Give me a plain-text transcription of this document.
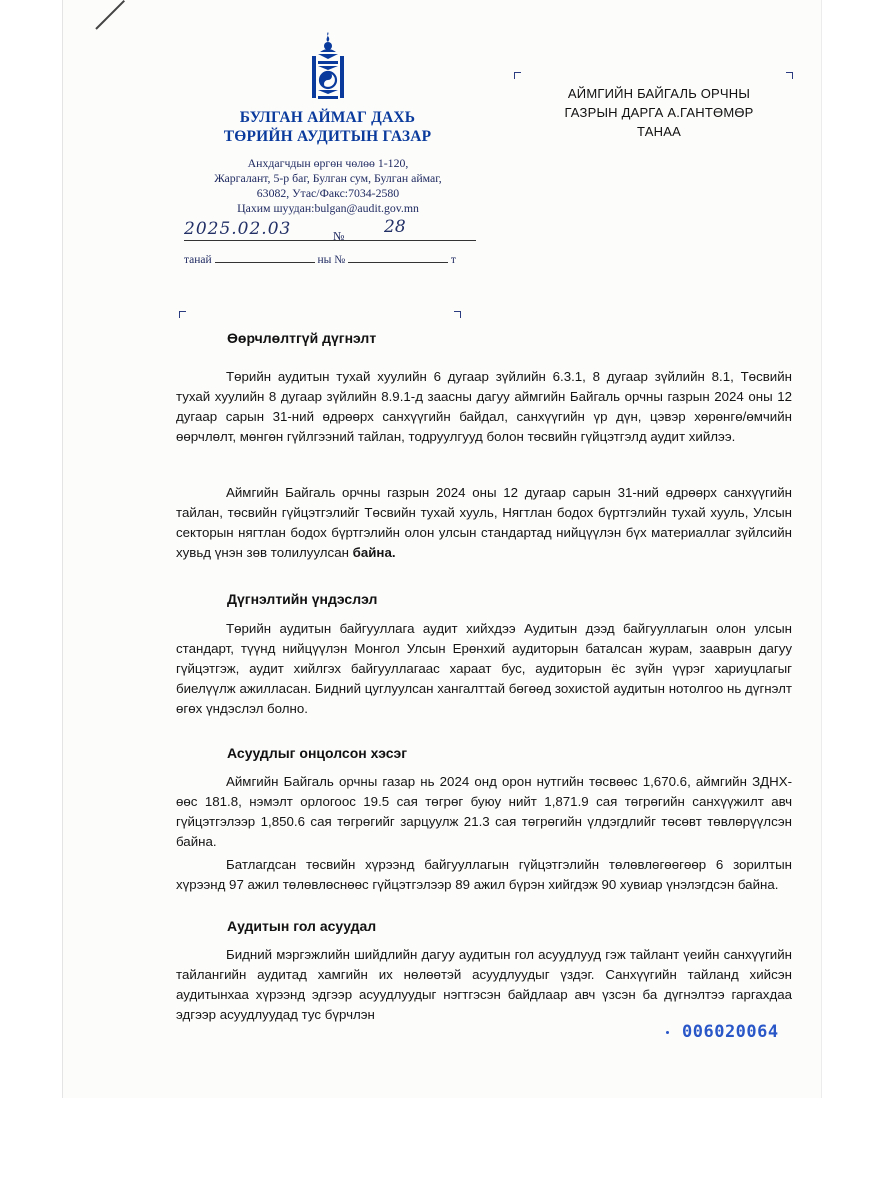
БУЛГАН АЙМАГ ДАХЬ
ТӨРИЙН АУДИТЫН ГАЗАР
Анхдагчдын өргөн чөлөө 1-120,
Жаргалант, 5-р баг, Булган сум, Булган аймаг,
63082, Утас/Факс:7034-2580
Цахим шуудан:bulgan@audit.gov.mn
2025.02.03	№ 28
танай	ны №	т
АЙМГИЙН БАЙГАЛЬ ОРЧНЫ
ГАЗРЫН ДАРГА А.ГАНТӨМӨР
ТАНАА
Өөрчлөлтгүй дүгнэлт
Төрийн аудитын тухай хуулийн 6 дугаар зүйлийн 6.3.1, 8 дугаар зүйлийн 8.1, Төсвийн тухай хуулийн 8 дугаар зүйлийн 8.9.1-д заасны дагуу аймгийн Байгаль орчны газрын 2024 оны 12 дугаар сарын 31-ний өдрөөрх санхүүгийн байдал, санхүүгийн үр дүн, цэвэр хөрөнгө/өмчийн өөрчлөлт, мөнгөн гүйлгээний тайлан, тодруулгууд болон төсвийн гүйцэтгэлд аудит хийлээ.
Аймгийн Байгаль орчны газрын 2024 оны 12 дугаар сарын 31-ний өдрөөрх санхүүгийн тайлан, төсвийн гүйцэтгэлийг Төсвийн тухай хууль, Нягтлан бодох бүртгэлийн тухай хууль, Улсын секторын нягтлан бодох бүртгэлийн олон улсын стандартад нийцүүлэн бүх материаллаг зүйлсийн хувьд үнэн зөв толилуулсан байна.
Дүгнэлтийн үндэслэл
Төрийн аудитын байгууллага аудит хийхдээ Аудитын дээд байгууллагын олон улсын стандарт, түүнд нийцүүлэн Монгол Улсын Ерөнхий аудиторын баталсан журам, зааврын дагуу гүйцэтгэж, аудит хийлгэх байгууллагаас хараат бус, аудиторын ёс зүйн үүрэг хариуцлагыг биелүүлж ажилласан. Бидний цуглуулсан хангалттай бөгөөд зохистой аудитын нотолгоо нь дүгнэлт өгөх үндэслэл болно.
Асуудлыг онцолсон хэсэг
Аймгийн Байгаль орчны газар нь 2024 онд орон нутгийн төсвөөс 1,670.6, аймгийн ЗДНХ-өөс 181.8, нэмэлт орлогоос 19.5 сая төгрөг буюу нийт 1,871.9 сая төгрөгийн санхүүжилт авч гүйцэтгэлээр 1,850.6 сая төгрөгийг зарцуулж 21.3 сая төгрөгийн үлдэгдлийг төсөвт төвлөрүүлсэн байна.
Батлагдсан төсвийн хүрээнд байгууллагын гүйцэтгэлийн төлөвлөгөөгөөр 6 зорилтын хүрээнд 97 ажил төлөвлөснөөс гүйцэтгэлээр 89 ажил бүрэн хийгдэж 90 хувиар үнэлэгдсэн байна.
Аудитын гол асуудал
Бидний мэргэжлийн шийдлийн дагуу аудитын гол асуудлууд гэж тайлант үеийн санхүүгийн тайлангийн аудитад хамгийн их нөлөөтэй асуудлуудыг үздэг. Санхүүгийн тайланд хийсэн аудитынхаа хүрээнд эдгээр асуудлуудыг нэгтгэсэн байдлаар авч үзсэн ба дүгнэлтээ гаргахдаа эдгээр асуудлуудад тус бүрчлэн
006020064
